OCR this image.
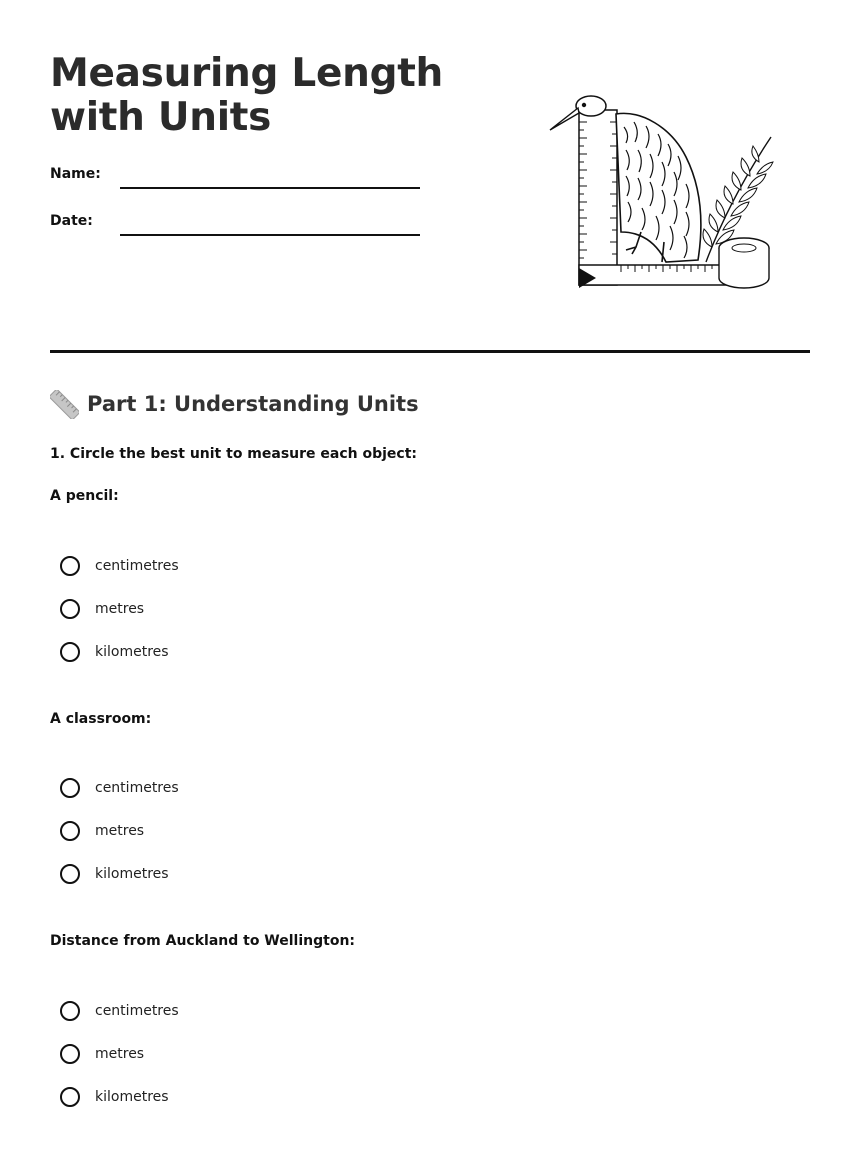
Measuring Length with Units
Name:
Date:
Part 1: Understanding Units

1. Circle the best unit to measure each object:

A pencil:

centimetres
metres
kilometres

A classroom:

centimetres
metres
kilometres

Distance from Auckland to Wellington:

centimetres
metres
kilometres
